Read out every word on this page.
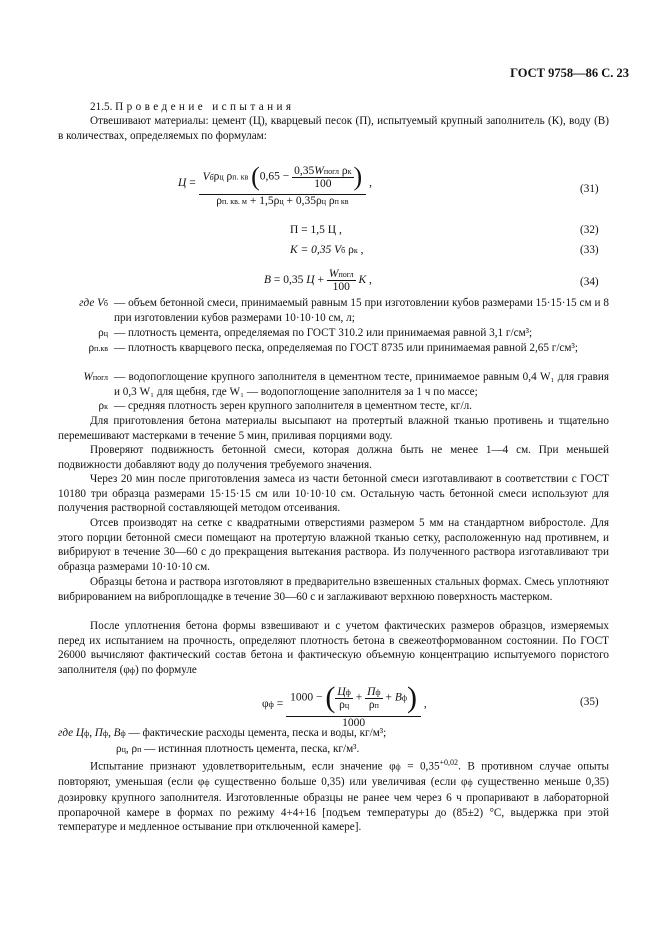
ГОСТ 9758—86 С. 23
21.5. Проведение испытания

Отвешивают материалы: цемент (Ц), кварцевый песок (П), испытуемый крупный заполнитель (К), воду (В) в количествах, определяемых по формулам:

$Ц = \frac{Vб\rho ц \rho п. кв (0,65 - \frac{\text{0,35Wпогл ρк}}{100} )}{\text{ρп. кв. м + 1,5ρц + 0,35ρц ρп кв}}$ ,	(31)
П = 1,5 Ц ,	(32)
К = 0,35 Vб ρк ,	(33)
В = 0,35 $Ц + \frac{\text{Wпогл}}{100}$ К ,	(34)
где Vб — объем бетонной смеси, принимаемый равным 15 при изготовлении кубов размерами 15·15·15 см и 8 при изготовлении кубов размерами 10·10·10 см, л;
ρц — плотность цемента, определяемая по ГОСТ 310.2 или принимаемая равной 3,1 г/см³;
ρп.кв — плотность кварцевого песка, определяемая по ГОСТ 8735 или принимаемая равной 2,65 г/см³;
Wпогл — водопоглощение крупного заполнителя в цементном тесте, принимаемое равным 0,4 W₁ для гравия и 0,3 W₁ для щебня, где W₁ — водопоглощение заполнителя за 1 ч по массе;
ρк — средняя плотность зерен крупного заполнителя в цементном тесте, кг/л.

Для приготовления бетона материалы высыпают на протертый влажной тканью противень и тщательно перемешивают мастерками в течение 5 мин, приливая порциями воду.

Проверяют подвижность бетонной смеси, которая должна быть не менее 1—4 см. При меньшей подвижности добавляют воду до получения требуемого значения.

Через 20 мин после приготовления замеса из части бетонной смеси изготавливают в соответствии с ГОСТ 10180 три образца размерами 15·15·15 см или 10·10·10 см. Остальную часть бетонной смеси используют для получения растворной составляющей методом отсеивания.

Отсев производят на сетке с квадратными отверстиями размером 5 мм на стандартном вибростоле. Для этого порции бетонной смеси помещают на протертую влажной тканью сетку, расположенную над противнем, и вибрируют в течение 30—60 с до прекращения вытекания раствора. Из полученного раствора изготавливают три образца размерами 10·10·10 см.

Образцы бетона и раствора изготовляют в предварительно взвешенных стальных формах. Смесь уплотняют вибрированием на виброплощадке в течение 30—60 с и заглаживают верхнюю поверхность мастерком.

После уплотнения бетона формы взвешивают и с учетом фактических размеров образцов, измеряемых перед их испытанием на прочность, определяют плотность бетона в свежеотформованном состоянии. По ГОСТ 26000 вычисляют фактический состав бетона и фактическую объемную концентрацию испытуемого пористого заполнителя (φф) по формуле

$\varphi ф = \frac{1000 - ( \frac{Цф}{\rho ц} + \frac{Пф}{\rho п} + Вф)}{1000}$ ,	(35)
где Цф, Пф, Вф — фактические расходы цемента, песка и воды, кг/м³;
ρц, ρп — истинная плотность цемента, песка, кг/м³.

Испытание признают удовлетворительным, если значение $\varphi ф = 0,35^{+0,02}$. В противном случае опыты повторяют, уменьшая (если φф существенно больше 0,35) или увеличивая (если φф существенно меньше 0,35) дозировку крупного заполнителя. Изготовленные образцы не ранее чем через 6 ч пропаривают в лабораторной пропарочной камере в формах по режиму 4+4+16 [подъем температуры до (85±2) °С, выдержка при этой температуре и медленное остывание при отключенной камере].
